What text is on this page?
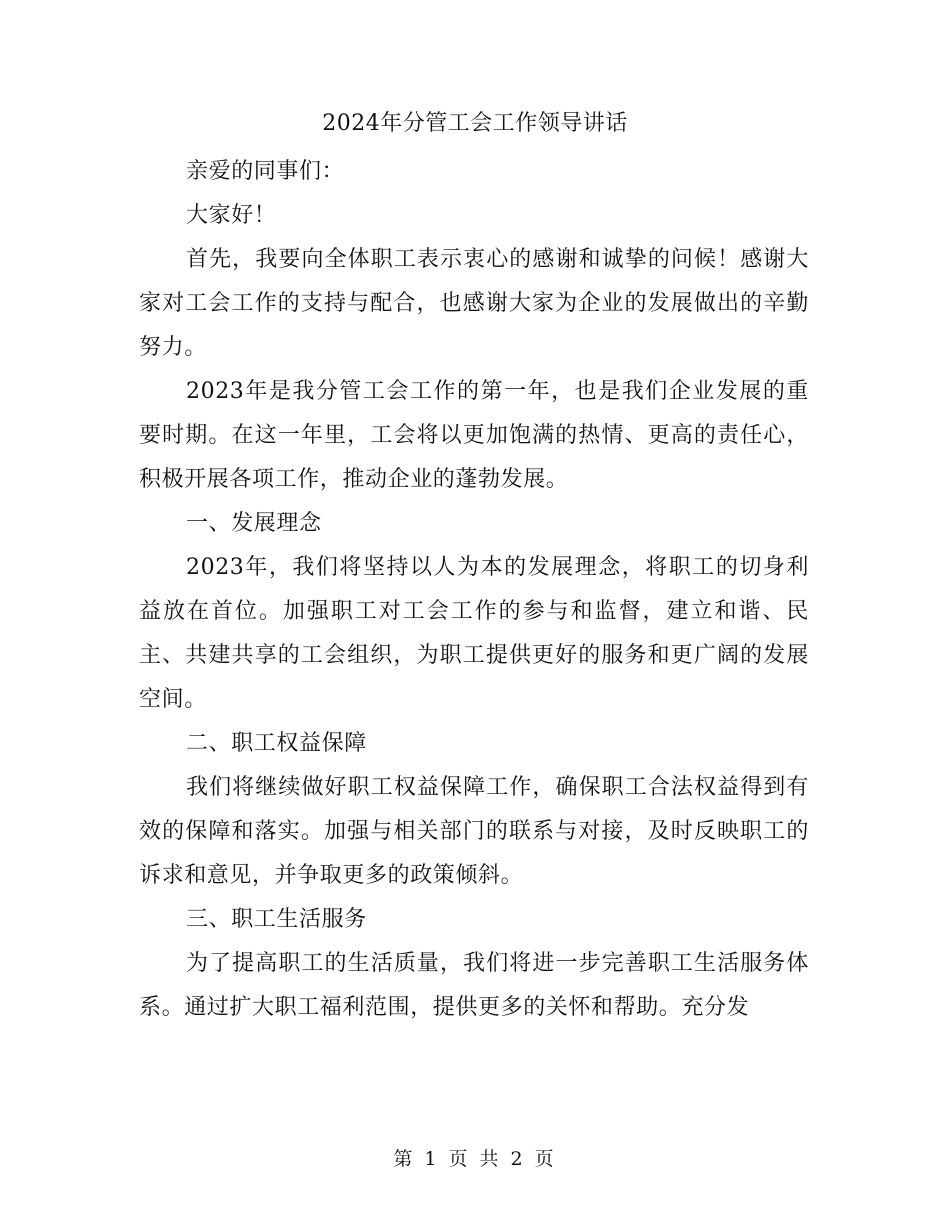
2024年分管工会工作领导讲话

亲爱的同事们：

大家好！

首先，我要向全体职工表示衷心的感谢和诚挚的问候！感谢大家对工会工作的支持与配合，也感谢大家为企业的发展做出的辛勤努力。

2023年是我分管工会工作的第一年，也是我们企业发展的重要时期。在这一年里，工会将以更加饱满的热情、更高的责任心，积极开展各项工作，推动企业的蓬勃发展。

一、发展理念

2023年，我们将坚持以人为本的发展理念，将职工的切身利益放在首位。加强职工对工会工作的参与和监督，建立和谐、民主、共建共享的工会组织，为职工提供更好的服务和更广阔的发展空间。

二、职工权益保障

我们将继续做好职工权益保障工作，确保职工合法权益得到有效的保障和落实。加强与相关部门的联系与对接，及时反映职工的诉求和意见，并争取更多的政策倾斜。

三、职工生活服务

为了提高职工的生活质量，我们将进一步完善职工生活服务体系。通过扩大职工福利范围，提供更多的关怀和帮助。充分发

第 1 页 共 2 页
